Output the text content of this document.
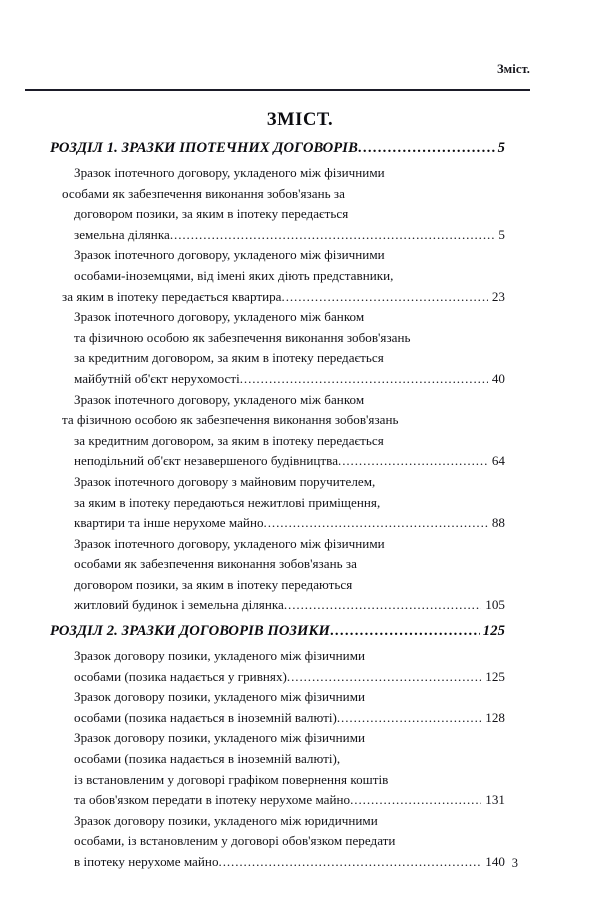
Зміст.
ЗМІСТ.
РОЗДІЛ 1. ЗРАЗКИ ІПОТЕЧНИХ ДОГОВОРІВ .....	5
Зразок іпотечного договору, укладеного між фізичними
особами як забезпечення виконання зобов'язань за
договором позики, за яким в іпотеку передається
земельна ділянка .....	5
Зразок іпотечного договору, укладеного між фізичними
особами-іноземцями, від імені яких діють представники,
за яким в іпотеку передається квартира .....	23
Зразок іпотечного договору, укладеного між банком
та фізичною особою як забезпечення виконання зобов'язань
за кредитним договором, за яким в іпотеку передається
майбутній об'єкт нерухомості .....	40
Зразок іпотечного договору, укладеного між банком
та фізичною особою як забезпечення виконання зобов'язань
за кредитним договором, за яким в іпотеку передається
неподільний об'єкт незавершеного будівництва .....	64
Зразок іпотечного договору з майновим поручителем,
за яким в іпотеку передаються нежитлові приміщення,
квартири та інше нерухоме майно .....	88
Зразок іпотечного договору, укладеного між фізичними
особами як забезпечення виконання зобов'язань за
договором позики, за яким в іпотеку передаються
житловий будинок і земельна ділянка .....	105
РОЗДІЛ 2. ЗРАЗКИ ДОГОВОРІВ ПОЗИКИ .....	125
Зразок договору позики, укладеного між фізичними
особами (позика надається у гривнях) .....	125
Зразок договору позики, укладеного між фізичними
особами (позика надається в іноземній валюті) .....	128
Зразок договору позики, укладеного між фізичними
особами (позика надається в іноземній валюті),
із встановленим у договорі графіком повернення коштів
та обов'язком передати в іпотеку нерухоме майно .....	131
Зразок договору позики, укладеного між юридичними
особами, із встановленим у договорі обов'язком передати
в іпотеку нерухоме майно .....	140 3
